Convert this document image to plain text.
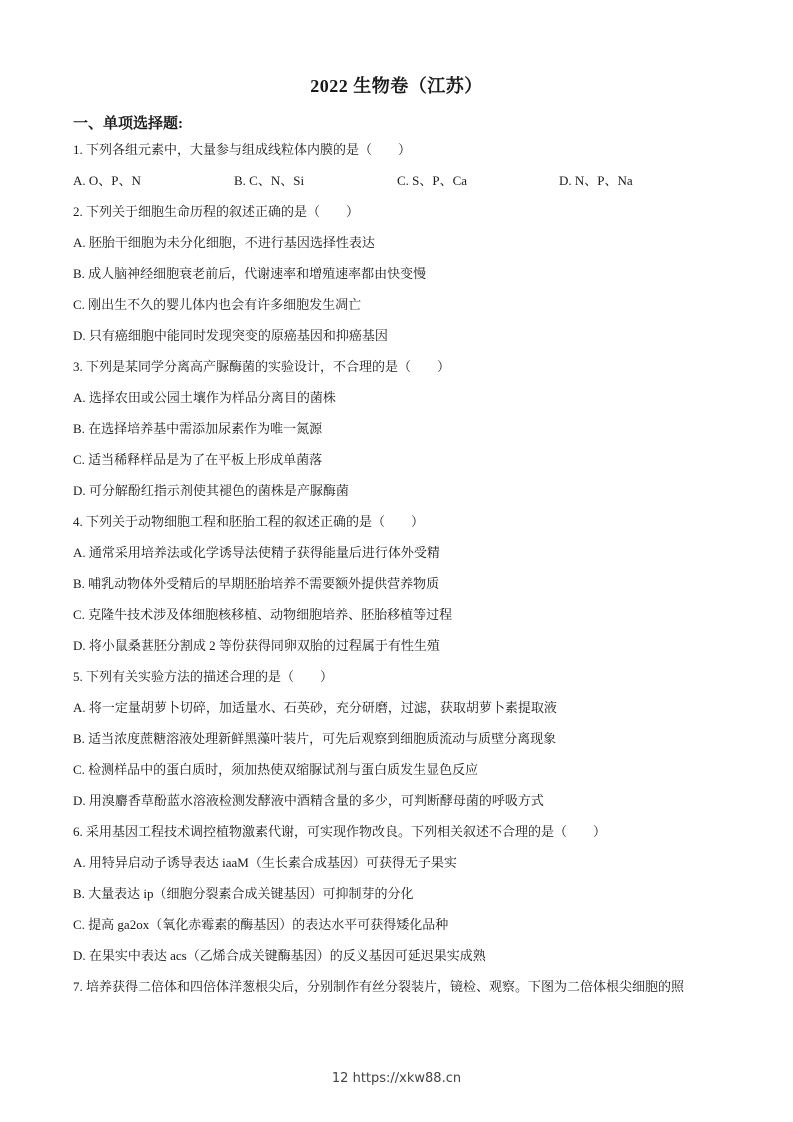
2022 生物卷（江苏）
一、单项选择题:
1. 下列各组元素中，大量参与组成线粒体内膜的是（　　）
A. O、P、N	B. C、N、Si	C. S、P、Ca	D. N、P、Na
2. 下列关于细胞生命历程的叙述正确的是（　　）
A. 胚胎干细胞为未分化细胞，不进行基因选择性表达
B. 成人脑神经细胞衰老前后，代谢速率和增殖速率都由快变慢
C. 刚出生不久的婴儿体内也会有许多细胞发生凋亡
D. 只有癌细胞中能同时发现突变的原癌基因和抑癌基因
3. 下列是某同学分离高产脲酶菌的实验设计，不合理的是（　　）
A. 选择农田或公园土壤作为样品分离目的菌株
B. 在选择培养基中需添加尿素作为唯一氮源
C. 适当稀释样品是为了在平板上形成单菌落
D. 可分解酚红指示剂使其褪色的菌株是产脲酶菌
4. 下列关于动物细胞工程和胚胎工程的叙述正确的是（　　）
A. 通常采用培养法或化学诱导法使精子获得能量后进行体外受精
B. 哺乳动物体外受精后的早期胚胎培养不需要额外提供营养物质
C. 克隆牛技术涉及体细胞核移植、动物细胞培养、胚胎移植等过程
D. 将小鼠桑葚胚分割成 2 等份获得同卵双胎的过程属于有性生殖
5. 下列有关实验方法的描述合理的是（　　）
A. 将一定量胡萝卜切碎，加适量水、石英砂，充分研磨，过滤，获取胡萝卜素提取液
B. 适当浓度蔗糖溶液处理新鲜黑藻叶装片，可先后观察到细胞质流动与质壁分离现象
C. 检测样品中的蛋白质时，须加热使双缩脲试剂与蛋白质发生显色反应
D. 用溴麝香草酚蓝水溶液检测发酵液中酒精含量的多少，可判断酵母菌的呼吸方式
6. 采用基因工程技术调控植物激素代谢，可实现作物改良。下列相关叙述不合理的是（　　）
A. 用特异启动子诱导表达 iaaM（生长素合成基因）可获得无子果实
B. 大量表达 ip（细胞分裂素合成关键基因）可抑制芽的分化
C. 提高 ga2ox（氧化赤霉素的酶基因）的表达水平可获得矮化品种
D. 在果实中表达 acs（乙烯合成关键酶基因）的反义基因可延迟果实成熟
7. 培养获得二倍体和四倍体洋葱根尖后，分别制作有丝分裂装片，镜检、观察。下图为二倍体根尖细胞的照
12 https://xkw88.cn
